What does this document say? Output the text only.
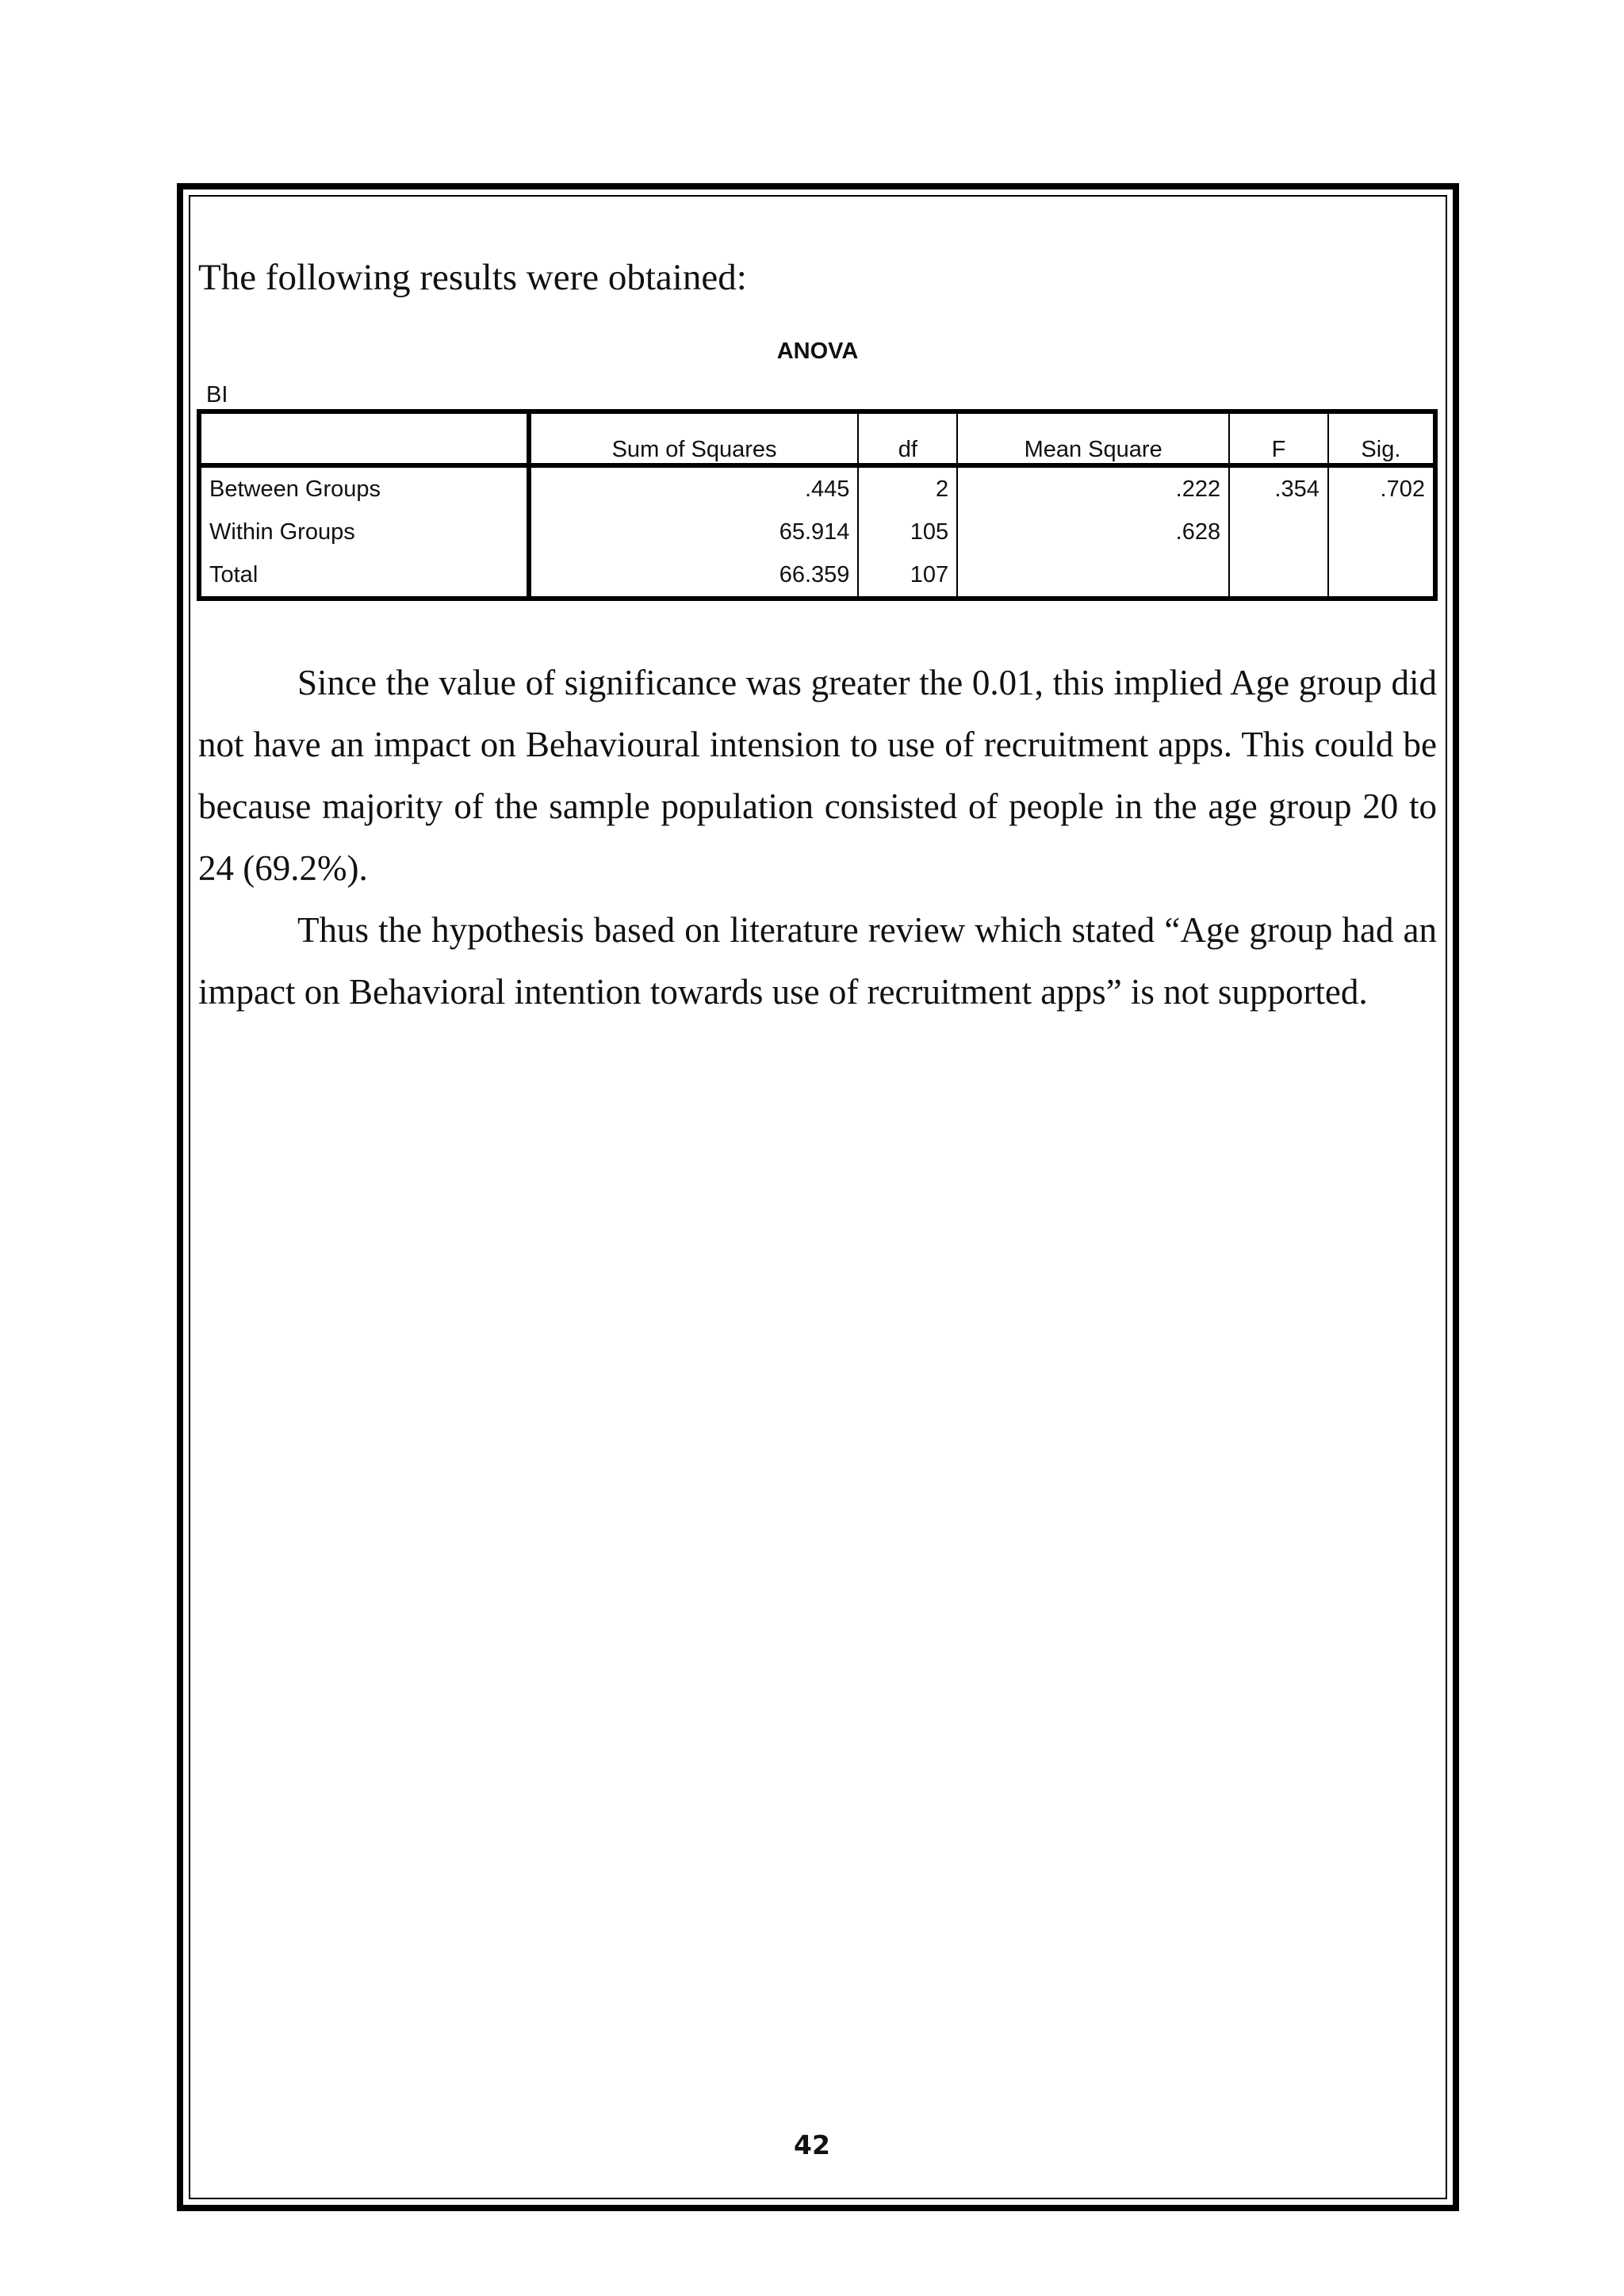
The following results were obtained:
ANOVA
BI
	Sum of Squares	df	Mean Square	F	Sig.
Between Groups	.445	2	.222	.354	.702
Within Groups	65.914	105	.628		
Total	66.359	107			

Since the value of significance was greater the 0.01, this implied Age group did not have an impact on Behavioural intension to use of recruitment apps. This could be because majority of the sample population consisted of people in the age group 20 to 24 (69.2%).

Thus the hypothesis based on literature review which stated “Age group had an impact on Behavioral intention towards use of recruitment apps” is not supported.

42
